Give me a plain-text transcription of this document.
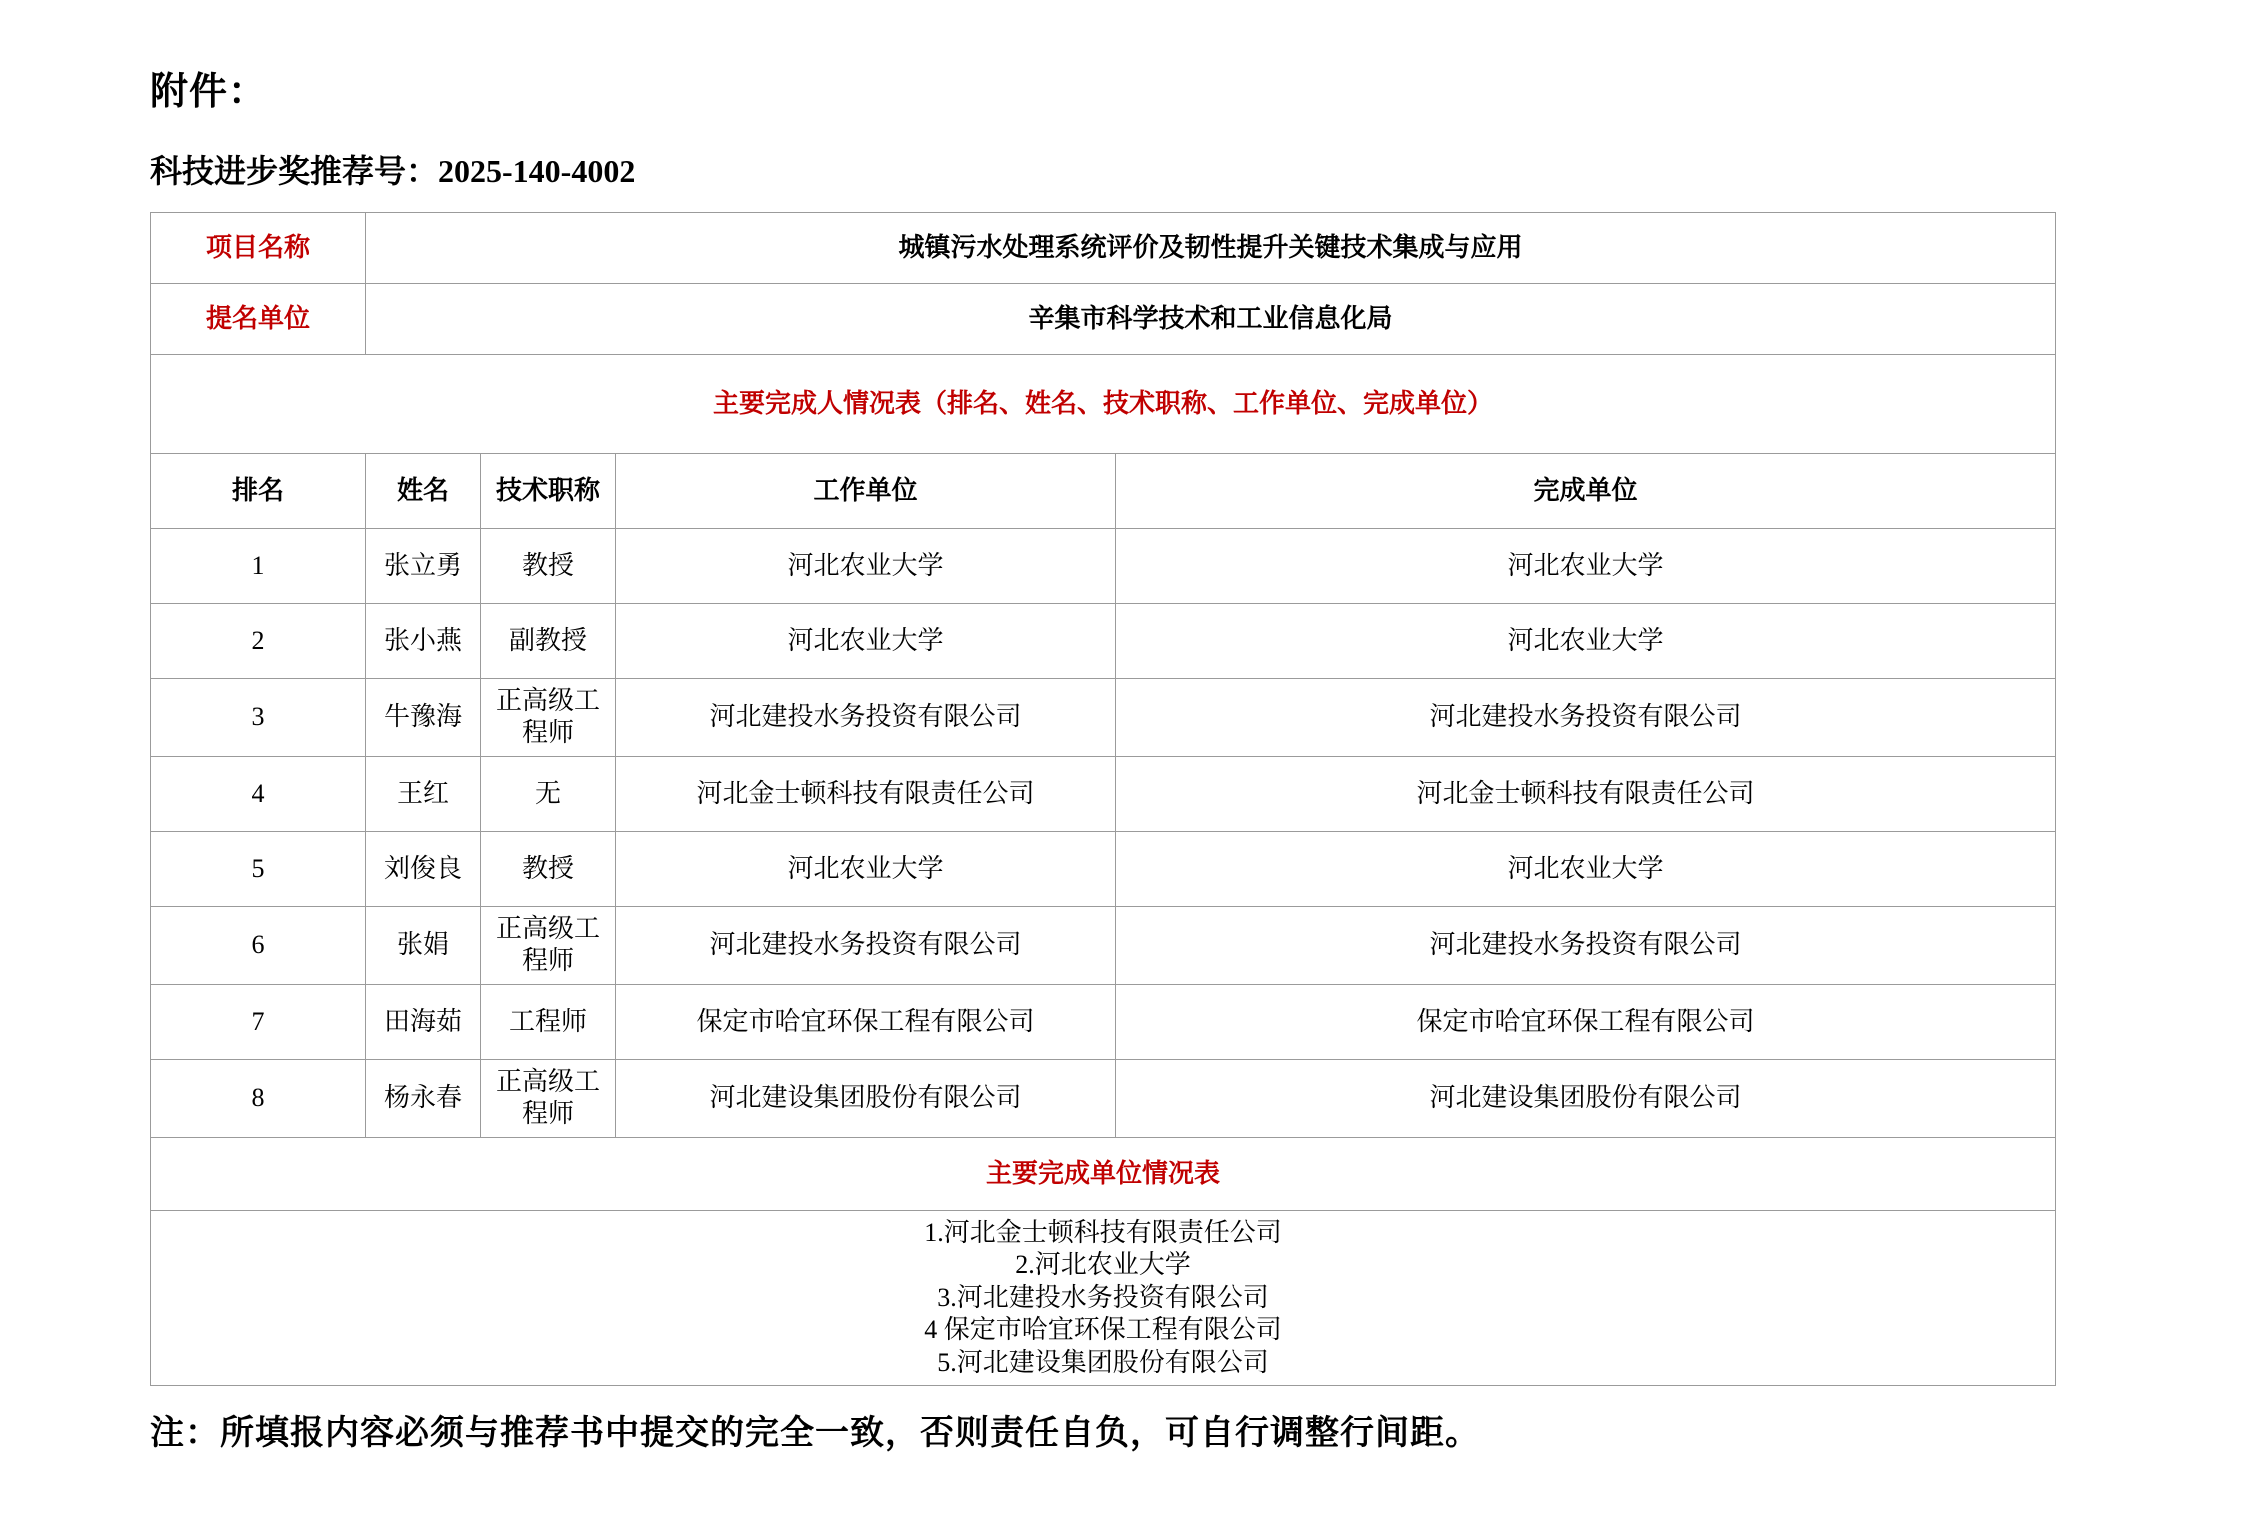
附件：
科技进步奖推荐号：2025-140-4002
项目名称	城镇污水处理系统评价及韧性提升关键技术集成与应用			
提名单位	辛集市科学技术和工业信息化局			
主要完成人情况表（排名、姓名、技术职称、工作单位、完成单位）				
排名	姓名	技术职称	工作单位	完成单位
1	张立勇	教授	河北农业大学	河北农业大学
2	张小燕	副教授	河北农业大学	河北农业大学
3	牛豫海	正高级工程师	河北建投水务投资有限公司	河北建投水务投资有限公司
4	王红	无	河北金士顿科技有限责任公司	河北金士顿科技有限责任公司
5	刘俊良	教授	河北农业大学	河北农业大学
6	张娟	正高级工程师	河北建投水务投资有限公司	河北建投水务投资有限公司
7	田海茹	工程师	保定市哈宜环保工程有限公司	保定市哈宜环保工程有限公司
8	杨永春	正高级工程师	河北建设集团股份有限公司	河北建设集团股份有限公司
主要完成单位情况表				

1.河北金士顿科技有限责任公司
2.河北农业大学
3.河北建投水务投资有限公司
4 保定市哈宜环保工程有限公司
5.河北建设集团股份有限公司				
注：所填报内容必须与推荐书中提交的完全一致，否则责任自负，可自行调整行间距。
